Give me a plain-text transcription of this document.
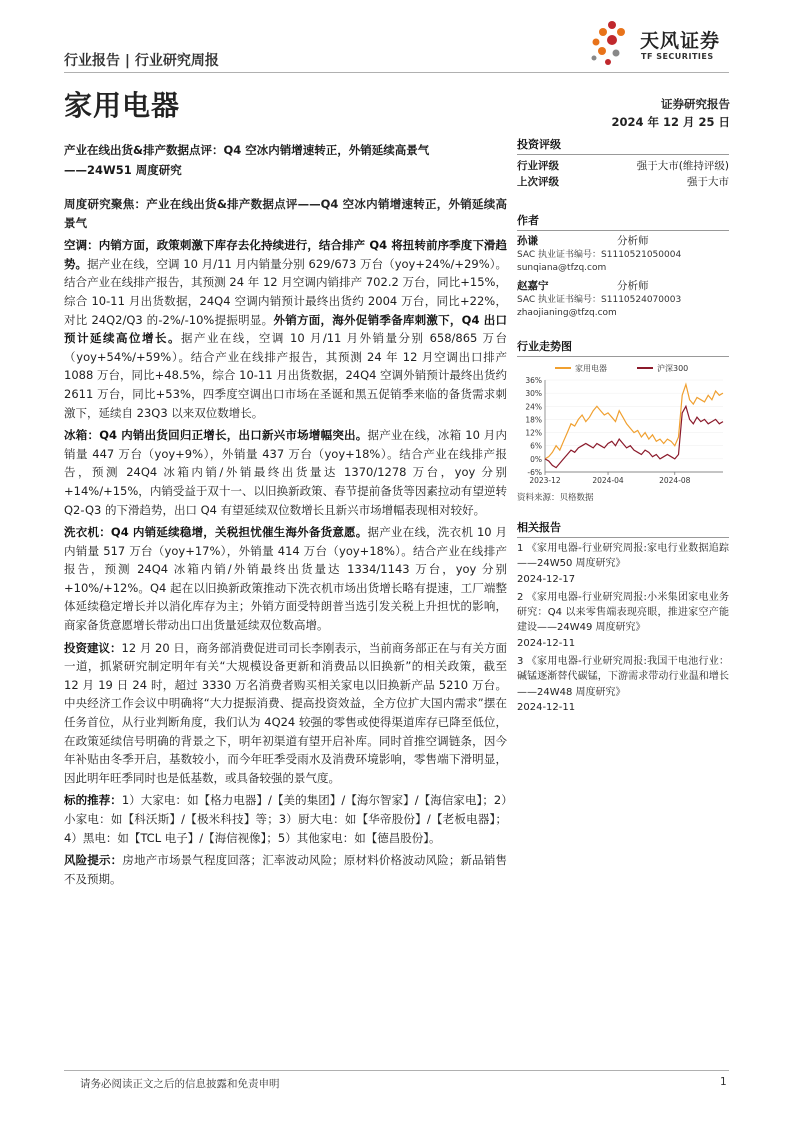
行业报告 | 行业研究周报
家用电器
天风证券
TF SECURITIES
证券研究报告
2024 年 12 月 25 日
产业在线出货&排产数据点评：Q4 空冰内销增速转正，外销延续高景气
——24W51 周度研究

周度研究聚焦：产业在线出货&排产数据点评——Q4 空冰内销增速转正，外销延续高景气

空调：内销方面，政策刺激下库存去化持续进行，结合排产 Q4 将扭转前序季度下滑趋势。据产业在线，空调 10 月/11 月内销量分别 629/673 万台（yoy+24%/+29%）。结合产业在线排产报告，其预测 24 年 12 月空调内销排产 702.2 万台，同比+15%，综合 10-11 月出货数据，24Q4 空调内销预计最终出货约 2004 万台，同比+22%，对比 24Q2/Q3 的-2%/-10%提振明显。外销方面，海外促销季备库刺激下，Q4 出口预计延续高位增长。据产业在线，空调 10 月/11 月外销量分别 658/865 万台（yoy+54%/+59%）。结合产业在线排产报告，其预测 24 年 12 月空调出口排产 1088 万台，同比+48.5%，综合 10-11 月出货数据，24Q4 空调外销预计最终出货约 2611 万台，同比+53%，四季度空调出口市场在圣诞和黑五促销季来临的备货需求刺激下，延续自 23Q3 以来双位数增长。

冰箱：Q4 内销出货回归正增长，出口新兴市场增幅突出。据产业在线，冰箱 10 月内销量 447 万台（yoy+9%），外销量 437 万台（yoy+18%）。结合产业在线排产报告，预测 24Q4 冰箱内销/外销最终出货量达 1370/1278 万台，yoy 分别+14%/+15%，内销受益于双十一、以旧换新政策、春节提前备货等因素拉动有望逆转 Q2-Q3 的下滑趋势，出口 Q4 有望延续双位数增长且新兴市场增幅表现相对较好。

洗衣机：Q4 内销延续稳增，关税担忧催生海外备货意愿。据产业在线，洗衣机 10 月内销量 517 万台（yoy+17%），外销量 414 万台（yoy+18%）。结合产业在线排产报告，预测 24Q4 冰箱内销/外销最终出货量达 1334/1143 万台，yoy 分别+10%/+12%。Q4 起在以旧换新政策推动下洗衣机市场出货增长略有提速，工厂端整体延续稳定增长并以消化库存为主；外销方面受特朗普当选引发关税上升担忧的影响，商家备货意愿增长带动出口出货量延续双位数高增。

投资建议：12 月 20 日，商务部消费促进司司长李刚表示，当前商务部正在与有关方面一道，抓紧研究制定明年有关“大规模设备更新和消费品以旧换新”的相关政策，截至 12 月 19 日 24 时，超过 3330 万名消费者购买相关家电以旧换新产品 5210 万台。中央经济工作会议中明确将“大力提振消费、提高投资效益，全方位扩大国内需求”摆在任务首位，从行业判断角度，我们认为 4Q24 较强的零售或使得渠道库存已降至低位，在政策延续信号明确的背景之下，明年初渠道有望开启补库。同时首推空调链条，因今年补贴由冬季开启，基数较小，而今年旺季受雨水及消费环境影响，零售端下滑明显，因此明年旺季同时也是低基数，或具备较强的景气度。

标的推荐：1）大家电：如【格力电器】/【美的集团】/【海尔智家】/【海信家电】；2）小家电：如【科沃斯】/【极米科技】等；3）厨大电：如【华帝股份】/【老板电器】；4）黑电：如【TCL 电子】/【海信视像】；5）其他家电：如【德昌股份】。

风险提示：房地产市场景气程度回落；汇率波动风险；原材料价格波动风险；新品销售不及预期。

投资评级
行业评级	强于大市(维持评级)
上次评级	强于大市
作者
孙谦	分析师
SAC 执业证书编号：S1110521050004
sunqiana@tfzq.com
赵嘉宁	分析师
SAC 执业证书编号：S1110524070003
zhaojianing@tfzq.com
行业走势图
36%
30%
24%
18%
12%
6%
0%
-6%
2023-12	2024-04	2024-08
家用电器	沪深300
资料来源：贝格数据
相关报告
1 《家用电器-行业研究周报:家电行业数据追踪——24W50 周度研究》
2024-12-17
2 《家用电器-行业研究周报:小米集团家电业务研究：Q4 以来零售端表现亮眼，推进家空产能建设——24W49 周度研究》
2024-12-11
3 《家用电器-行业研究周报:我国干电池行业：碱锰逐渐替代碳锰，下游需求带动行业温和增长——24W48 周度研究》
2024-12-11
请务必阅读正文之后的信息披露和免责申明	1
